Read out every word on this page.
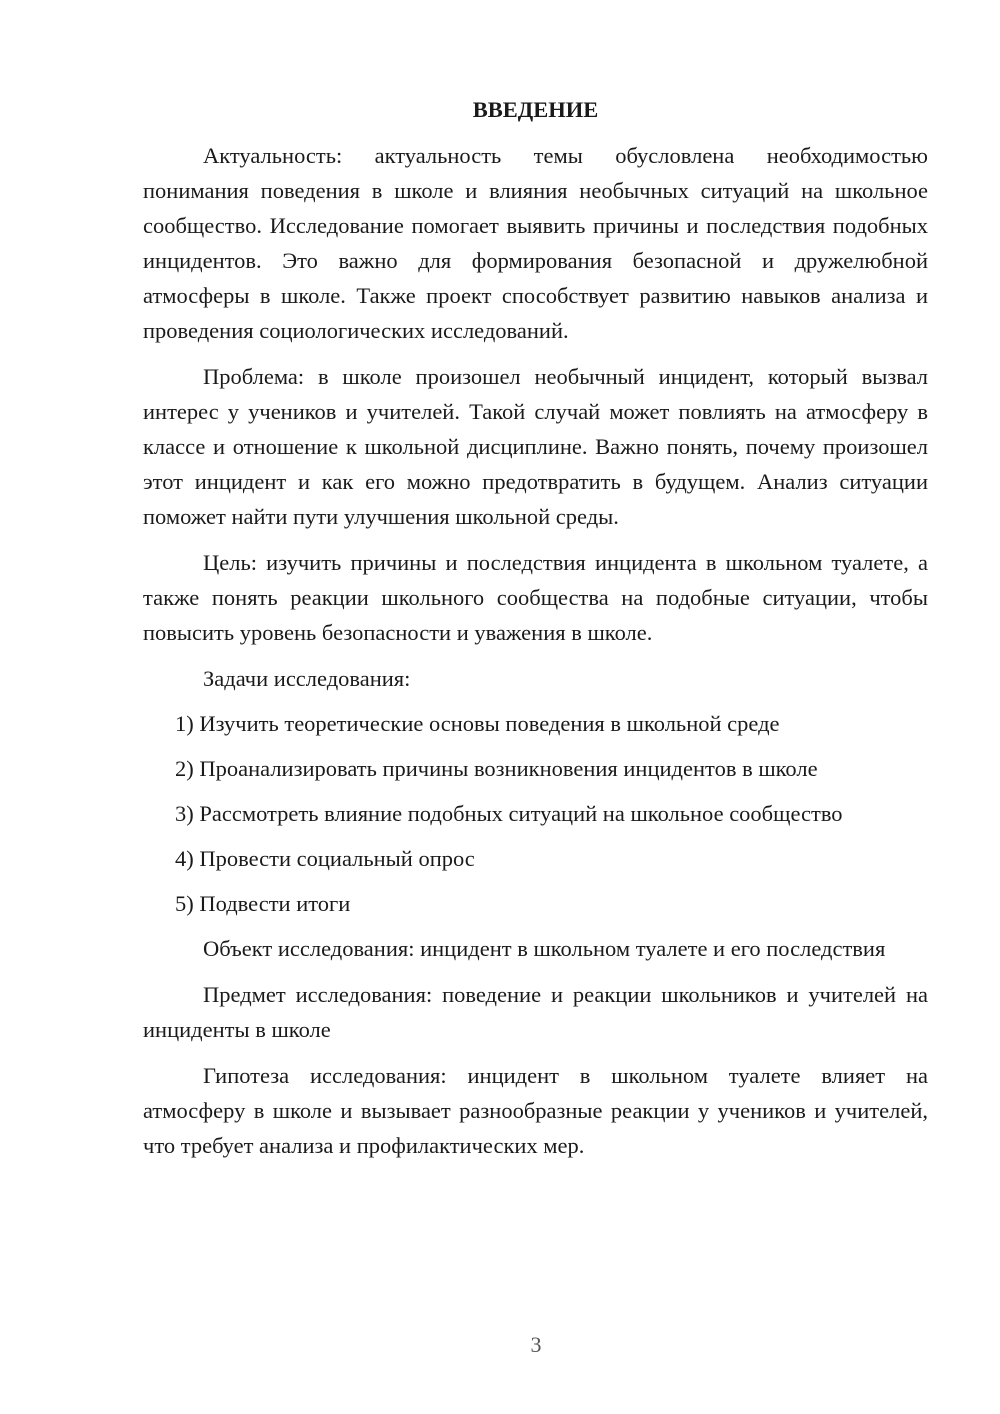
ВВЕДЕНИЕ

Актуальность: актуальность темы обусловлена необходимостью понимания поведения в школе и влияния необычных ситуаций на школьное сообщество. Исследование помогает выявить причины и последствия подобных инцидентов. Это важно для формирования безопасной и дружелюбной атмосферы в школе. Также проект способствует развитию навыков анализа и проведения социологических исследований.

Проблема: в школе произошел необычный инцидент, который вызвал интерес у учеников и учителей. Такой случай может повлиять на атмосферу в классе и отношение к школьной дисциплине. Важно понять, почему произошел этот инцидент и как его можно предотвратить в будущем. Анализ ситуации поможет найти пути улучшения школьной среды.

Цель: изучить причины и последствия инцидента в школьном туалете, а также понять реакции школьного сообщества на подобные ситуации, чтобы повысить уровень безопасности и уважения в школе.

Задачи исследования:

1) Изучить теоретические основы поведения в школьной среде
2) Проанализировать причины возникновения инцидентов в школе
3) Рассмотреть влияние подобных ситуаций на школьное сообщество
4) Провести социальный опрос
5) Подвести итоги

Объект исследования: инцидент в школьном туалете и его последствия

Предмет исследования: поведение и реакции школьников и учителей на инциденты в школе

Гипотеза исследования: инцидент в школьном туалете влияет на атмосферу в школе и вызывает разнообразные реакции у учеников и учителей, что требует анализа и профилактических мер.

3
